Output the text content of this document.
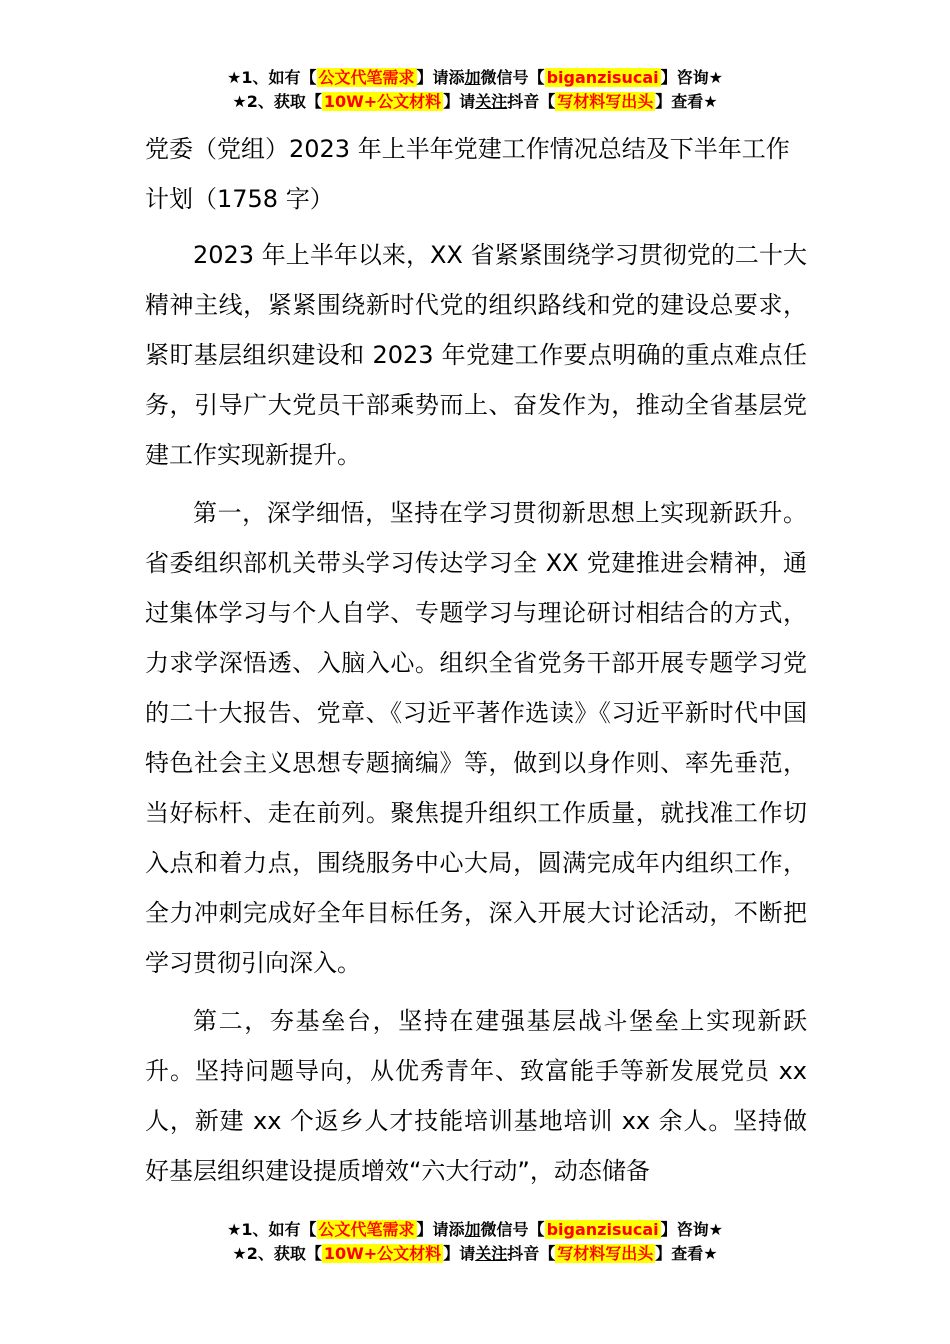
★1、如有【 公文代笔需求 】请添加微信号【 biganzisucai 】咨询★
★2、获取【 10W+公文材料 】请关注抖音【 写材料写出头 】查看★

党委（党组）2023 年上半年党建工作情况总结及下半年工作计划（1758 字）

2023 年上半年以来，XX 省紧紧围绕学习贯彻党的二十大精神主线，紧紧围绕新时代党的组织路线和党的建设总要求，紧盯基层组织建设和 2023 年党建工作要点明确的重点难点任务，引导广大党员干部乘势而上、奋发作为，推动全省基层党建工作实现新提升。

第一，深学细悟，坚持在学习贯彻新思想上实现新跃升。省委组织部机关带头学习传达学习全 XX 党建推进会精神，通过集体学习与个人自学、专题学习与理论研讨相结合的方式，力求学深悟透、入脑入心。组织全省党务干部开展专题学习党的二十大报告、党章、《习近平著作选读》《习近平新时代中国特色社会主义思想专题摘编》等，做到以身作则、率先垂范，当好标杆、走在前列。聚焦提升组织工作质量，就找准工作切入点和着力点，围绕服务中心大局，圆满完成年内组织工作，全力冲刺完成好全年目标任务，深入开展大讨论活动，不断把学习贯彻引向深入。

第二，夯基垒台，坚持在建强基层战斗堡垒上实现新跃升。坚持问题导向，从优秀青年、致富能手等新发展党员 xx 人，新建 xx 个返乡人才技能培训基地培训 xx 余人。坚持做好基层组织建设提质增效“六大行动”，动态储备

★1、如有【 公文代笔需求 】请添加微信号【 biganzisucai 】咨询★
★2、获取【 10W+公文材料 】请关注抖音【 写材料写出头 】查看★
